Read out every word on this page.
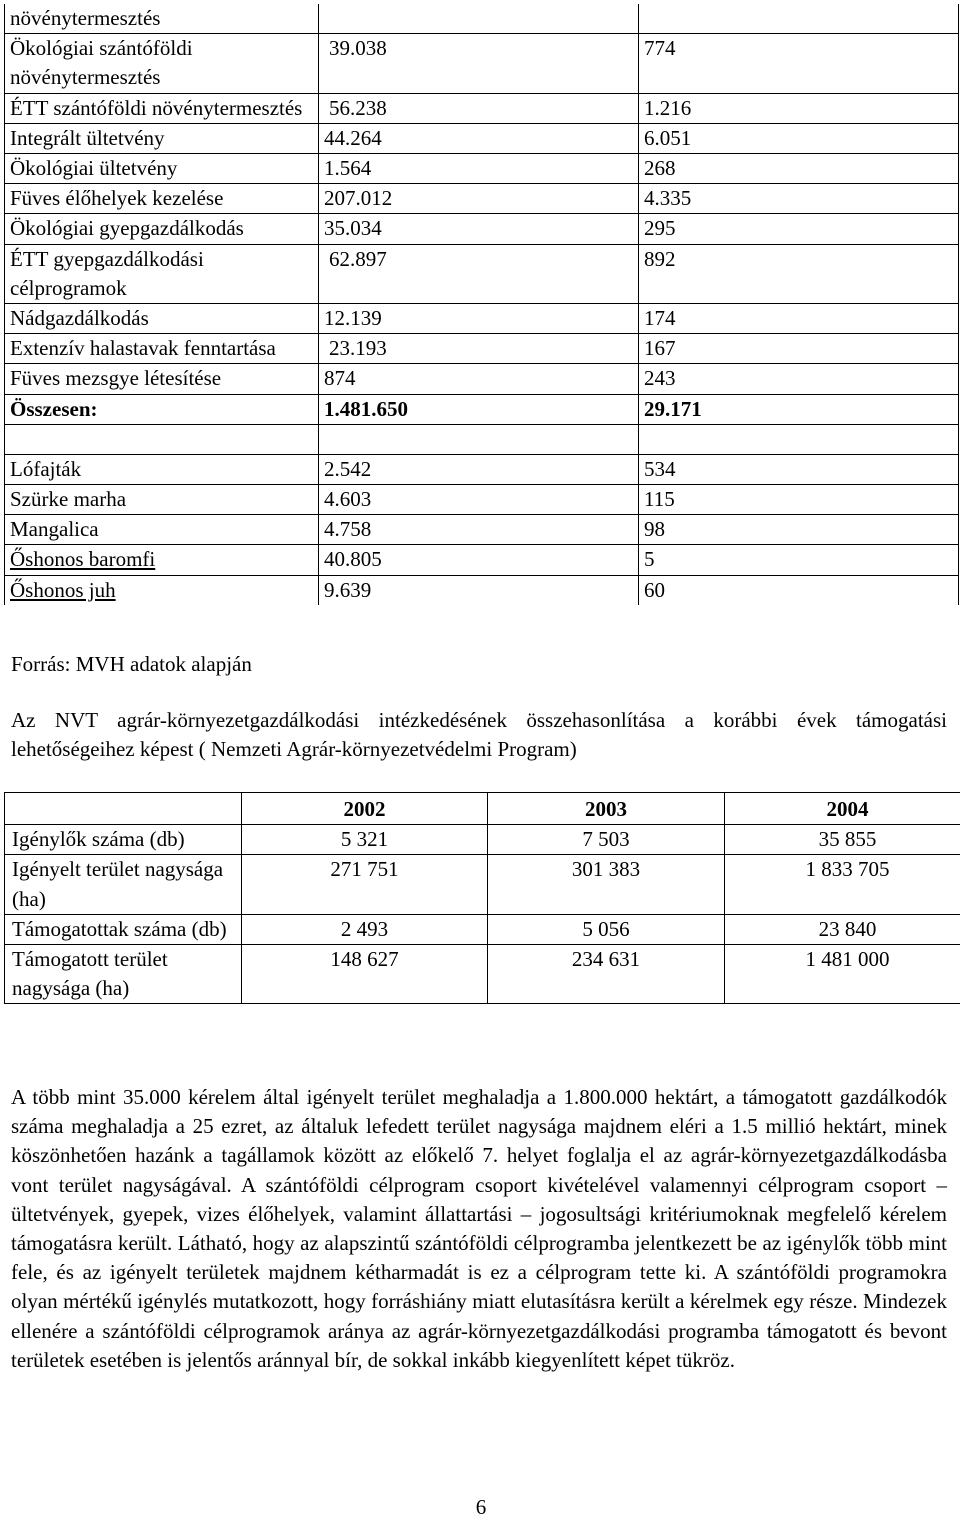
növénytermesztés		
Ökológiai szántóföldi növénytermesztés	39.038	774
ÉTT szántóföldi növénytermesztés	56.238	1.216
Integrált ültetvény	44.264	6.051
Ökológiai ültetvény	1.564	268
Füves élőhelyek kezelése	207.012	4.335
Ökológiai gyepgazdálkodás	35.034	295
ÉTT gyepgazdálkodási célprogramok	62.897	892
Nádgazdálkodás	12.139	174
Extenzív halastavak fenntartása	23.193	167
Füves mezsgye létesítése	874	243
Összesen:	1.481.650	29.171

Lófajták	2.542	534
Szürke marha	4.603	115
Mangalica	4.758	98
Őshonos baromfi	40.805	5
Őshonos juh	9.639	60
Forrás: MVH adatok alapján
Az NVT agrár-környezetgazdálkodási intézkedésének összehasonlítása a korábbi évek támogatási lehetőségeihez képest ( Nemzeti Agrár-környezetvédelmi Program)
	2002	2003	2004
Igénylők száma (db)	5 321	7 503	35 855
Igényelt terület nagysága (ha)	271 751	301 383	1 833 705
Támogatottak száma (db)	2 493	5 056	23 840
Támogatott terület nagysága (ha)	148 627	234 631	1 481 000
A több mint 35.000 kérelem által igényelt terület meghaladja a 1.800.000 hektárt, a támogatott gazdálkodók száma meghaladja a 25 ezret, az általuk lefedett terület nagysága majdnem eléri a 1.5 millió hektárt, minek köszönhetően hazánk a tagállamok között az előkelő 7. helyet foglalja el az agrár-környezetgazdálkodásba vont terület nagyságával. A szántóföldi célprogram csoport kivételével valamennyi célprogram csoport – ültetvények, gyepek, vizes élőhelyek, valamint állattartási – jogosultsági kritériumoknak megfelelő kérelem támogatásra került. Látható, hogy az alapszintű szántóföldi célprogramba jelentkezett be az igénylők több mint fele, és az igényelt területek majdnem kétharmadát is ez a célprogram tette ki. A szántóföldi programokra olyan mértékű igénylés mutatkozott, hogy forráshiány miatt elutasításra került a kérelmek egy része. Mindezek ellenére a szántóföldi célprogramok aránya az agrár-környezetgazdálkodási programba támogatott és bevont területek esetében is jelentős aránnyal bír, de sokkal inkább kiegyenlített képet tükröz.
6
